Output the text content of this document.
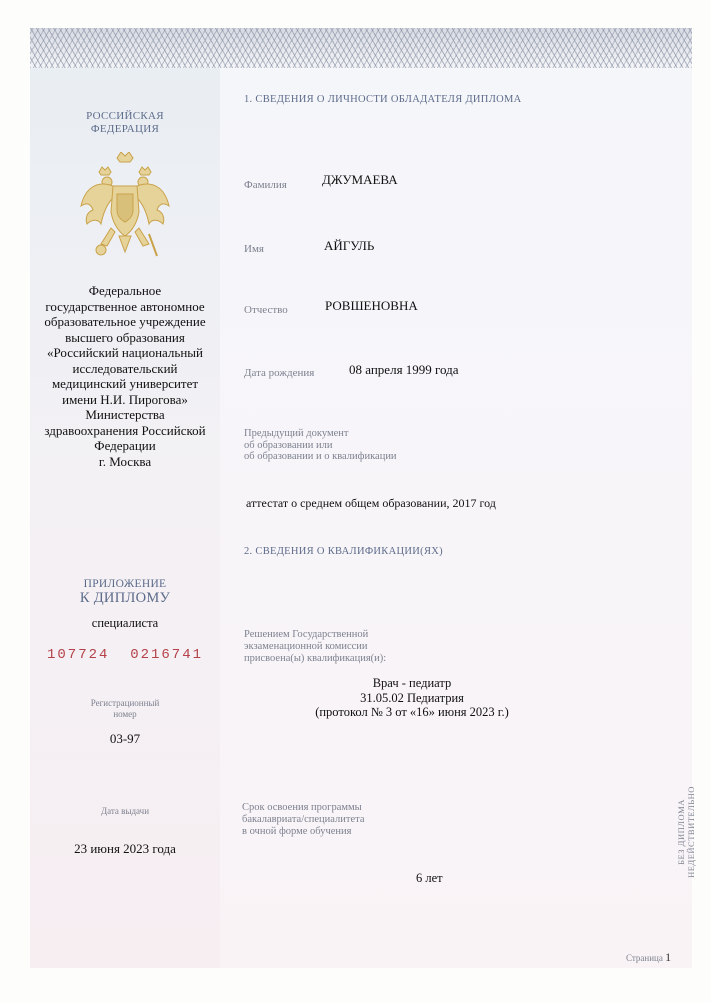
РОССИЙСКАЯ
ФЕДЕРАЦИЯ
Федеральное
государственное автономное
образовательное учреждение
высшего образования
«Российский национальный
исследовательский
медицинский университет
имени Н.И. Пирогова»
Министерства
здравоохранения Российской
Федерации
г. Москва
ПРИЛОЖЕНИЕ
К ДИПЛОМУ
специалиста
107724  0216741
Регистрационный
номер
03-97
Дата выдачи
23 июня 2023 года
1. СВЕДЕНИЯ О ЛИЧНОСТИ ОБЛАДАТЕЛЯ ДИПЛОМА
Фамилия	ДЖУМАЕВА
Имя	АЙГУЛЬ
Отчество	РОВШЕНОВНА
Дата рождения	08 апреля 1999 года
Предыдущий документ
об образовании или
об образовании и о квалификации
аттестат о среднем общем образовании, 2017 год
2. СВЕДЕНИЯ О КВАЛИФИКАЦИИ(ЯХ)
Решением Государственной
экзаменационной комиссии
присвоена(ы) квалификация(и):
Врач - педиатр
31.05.02 Педиатрия
(протокол № 3 от «16» июня 2023 г.)
Срок освоения программы
бакалавриата/специалитета
в очной форме обучения
6 лет
БЕЗ ДИПЛОМА НЕДЕЙСТВИТЕЛЬНО
Страница 1
